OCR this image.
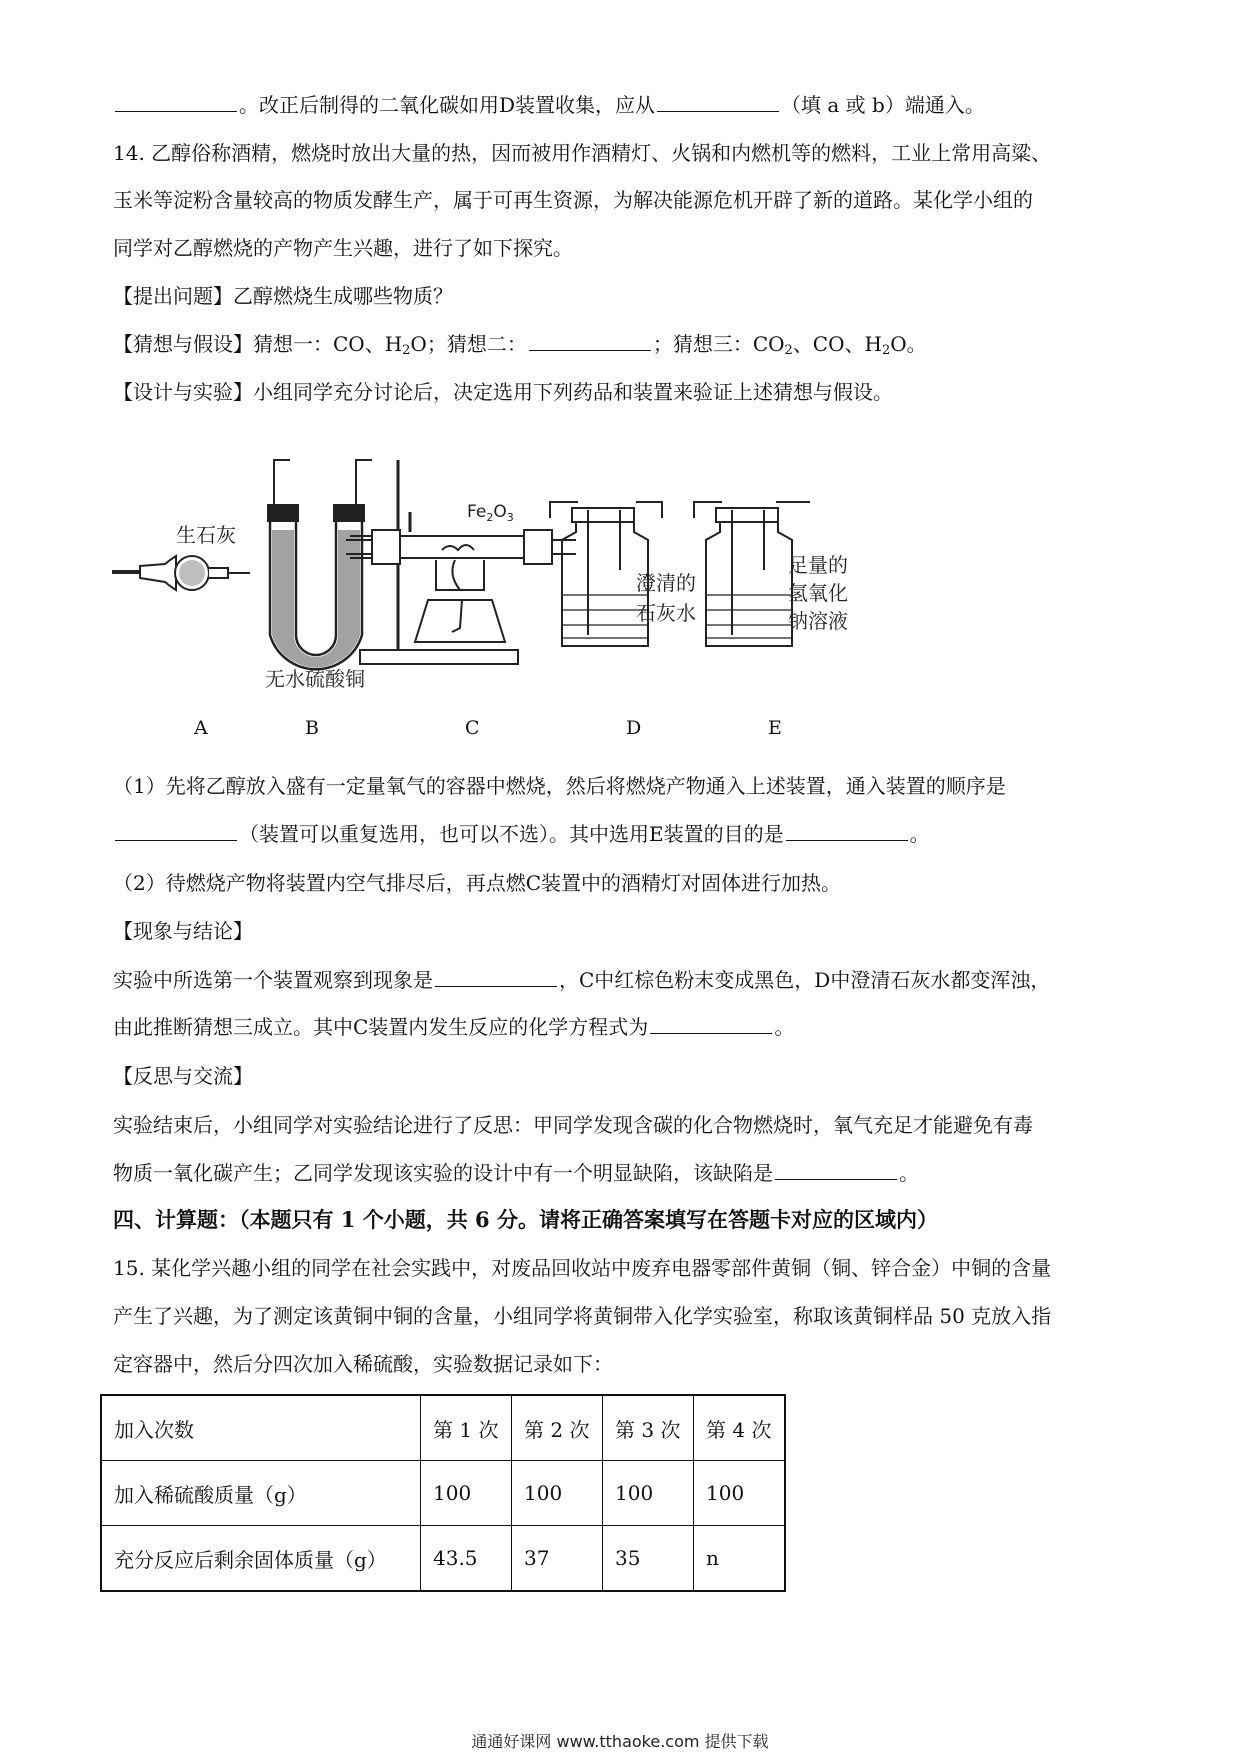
。改正后制得的二氧化碳如用D装置收集，应从	（填 a 或 b）端通入。
14. 乙醇俗称酒精，燃烧时放出大量的热，因而被用作酒精灯、火锅和内燃机等的燃料，工业上常用高粱、
玉米等淀粉含量较高的物质发酵生产，属于可再生资源，为解决能源危机开辟了新的道路。某化学小组的
同学对乙醇燃烧的产物产生兴趣，进行了如下探究。
【提出问题】乙醇燃烧生成哪些物质？
【猜想与假设】猜想一：CO、$H_2O$；猜想二：	；猜想三：$CO_2$、CO、$H_2O$。
【设计与实验】小组同学充分讨论后，决定选用下列药品和装置来验证上述猜想与假设。
生石灰
无水硫酸铜
$Fe_2O_3$
澄清的
石灰水
足量的
氢氧化
钠溶液
A	B	C	D	E
（1）先将乙醇放入盛有一定量氧气的容器中燃烧，然后将燃烧产物通入上述装置，通入装置的顺序是
（装置可以重复选用，也可以不选）。其中选用E装置的目的是	。
（2）待燃烧产物将装置内空气排尽后，再点燃C装置中的酒精灯对固体进行加热。
【现象与结论】
实验中所选第一个装置观察到现象是	，C中红棕色粉末变成黑色，D中澄清石灰水都变浑浊，
由此推断猜想三成立。其中C装置内发生反应的化学方程式为	。
【反思与交流】
实验结束后，小组同学对实验结论进行了反思：甲同学发现含碳的化合物燃烧时，氧气充足才能避免有毒
物质一氧化碳产生；乙同学发现该实验的设计中有一个明显缺陷，该缺陷是	。
四、计算题：（本题只有 1 个小题，共 6 分。请将正确答案填写在答题卡对应的区域内）
15. 某化学兴趣小组的同学在社会实践中，对废品回收站中废弃电器零部件黄铜（铜、锌合金）中铜的含量
产生了兴趣，为了测定该黄铜中铜的含量，小组同学将黄铜带入化学实验室，称取该黄铜样品 50 克放入指
定容器中，然后分四次加入稀硫酸，实验数据记录如下：
加入次数	第 1 次	第 2 次	第 3 次	第 4 次
加入稀硫酸质量（g）	100	100	100	100
充分反应后剩余固体质量（g）	43.5	37	35	n
通通好课网 www.tthaoke.com 提供下载
